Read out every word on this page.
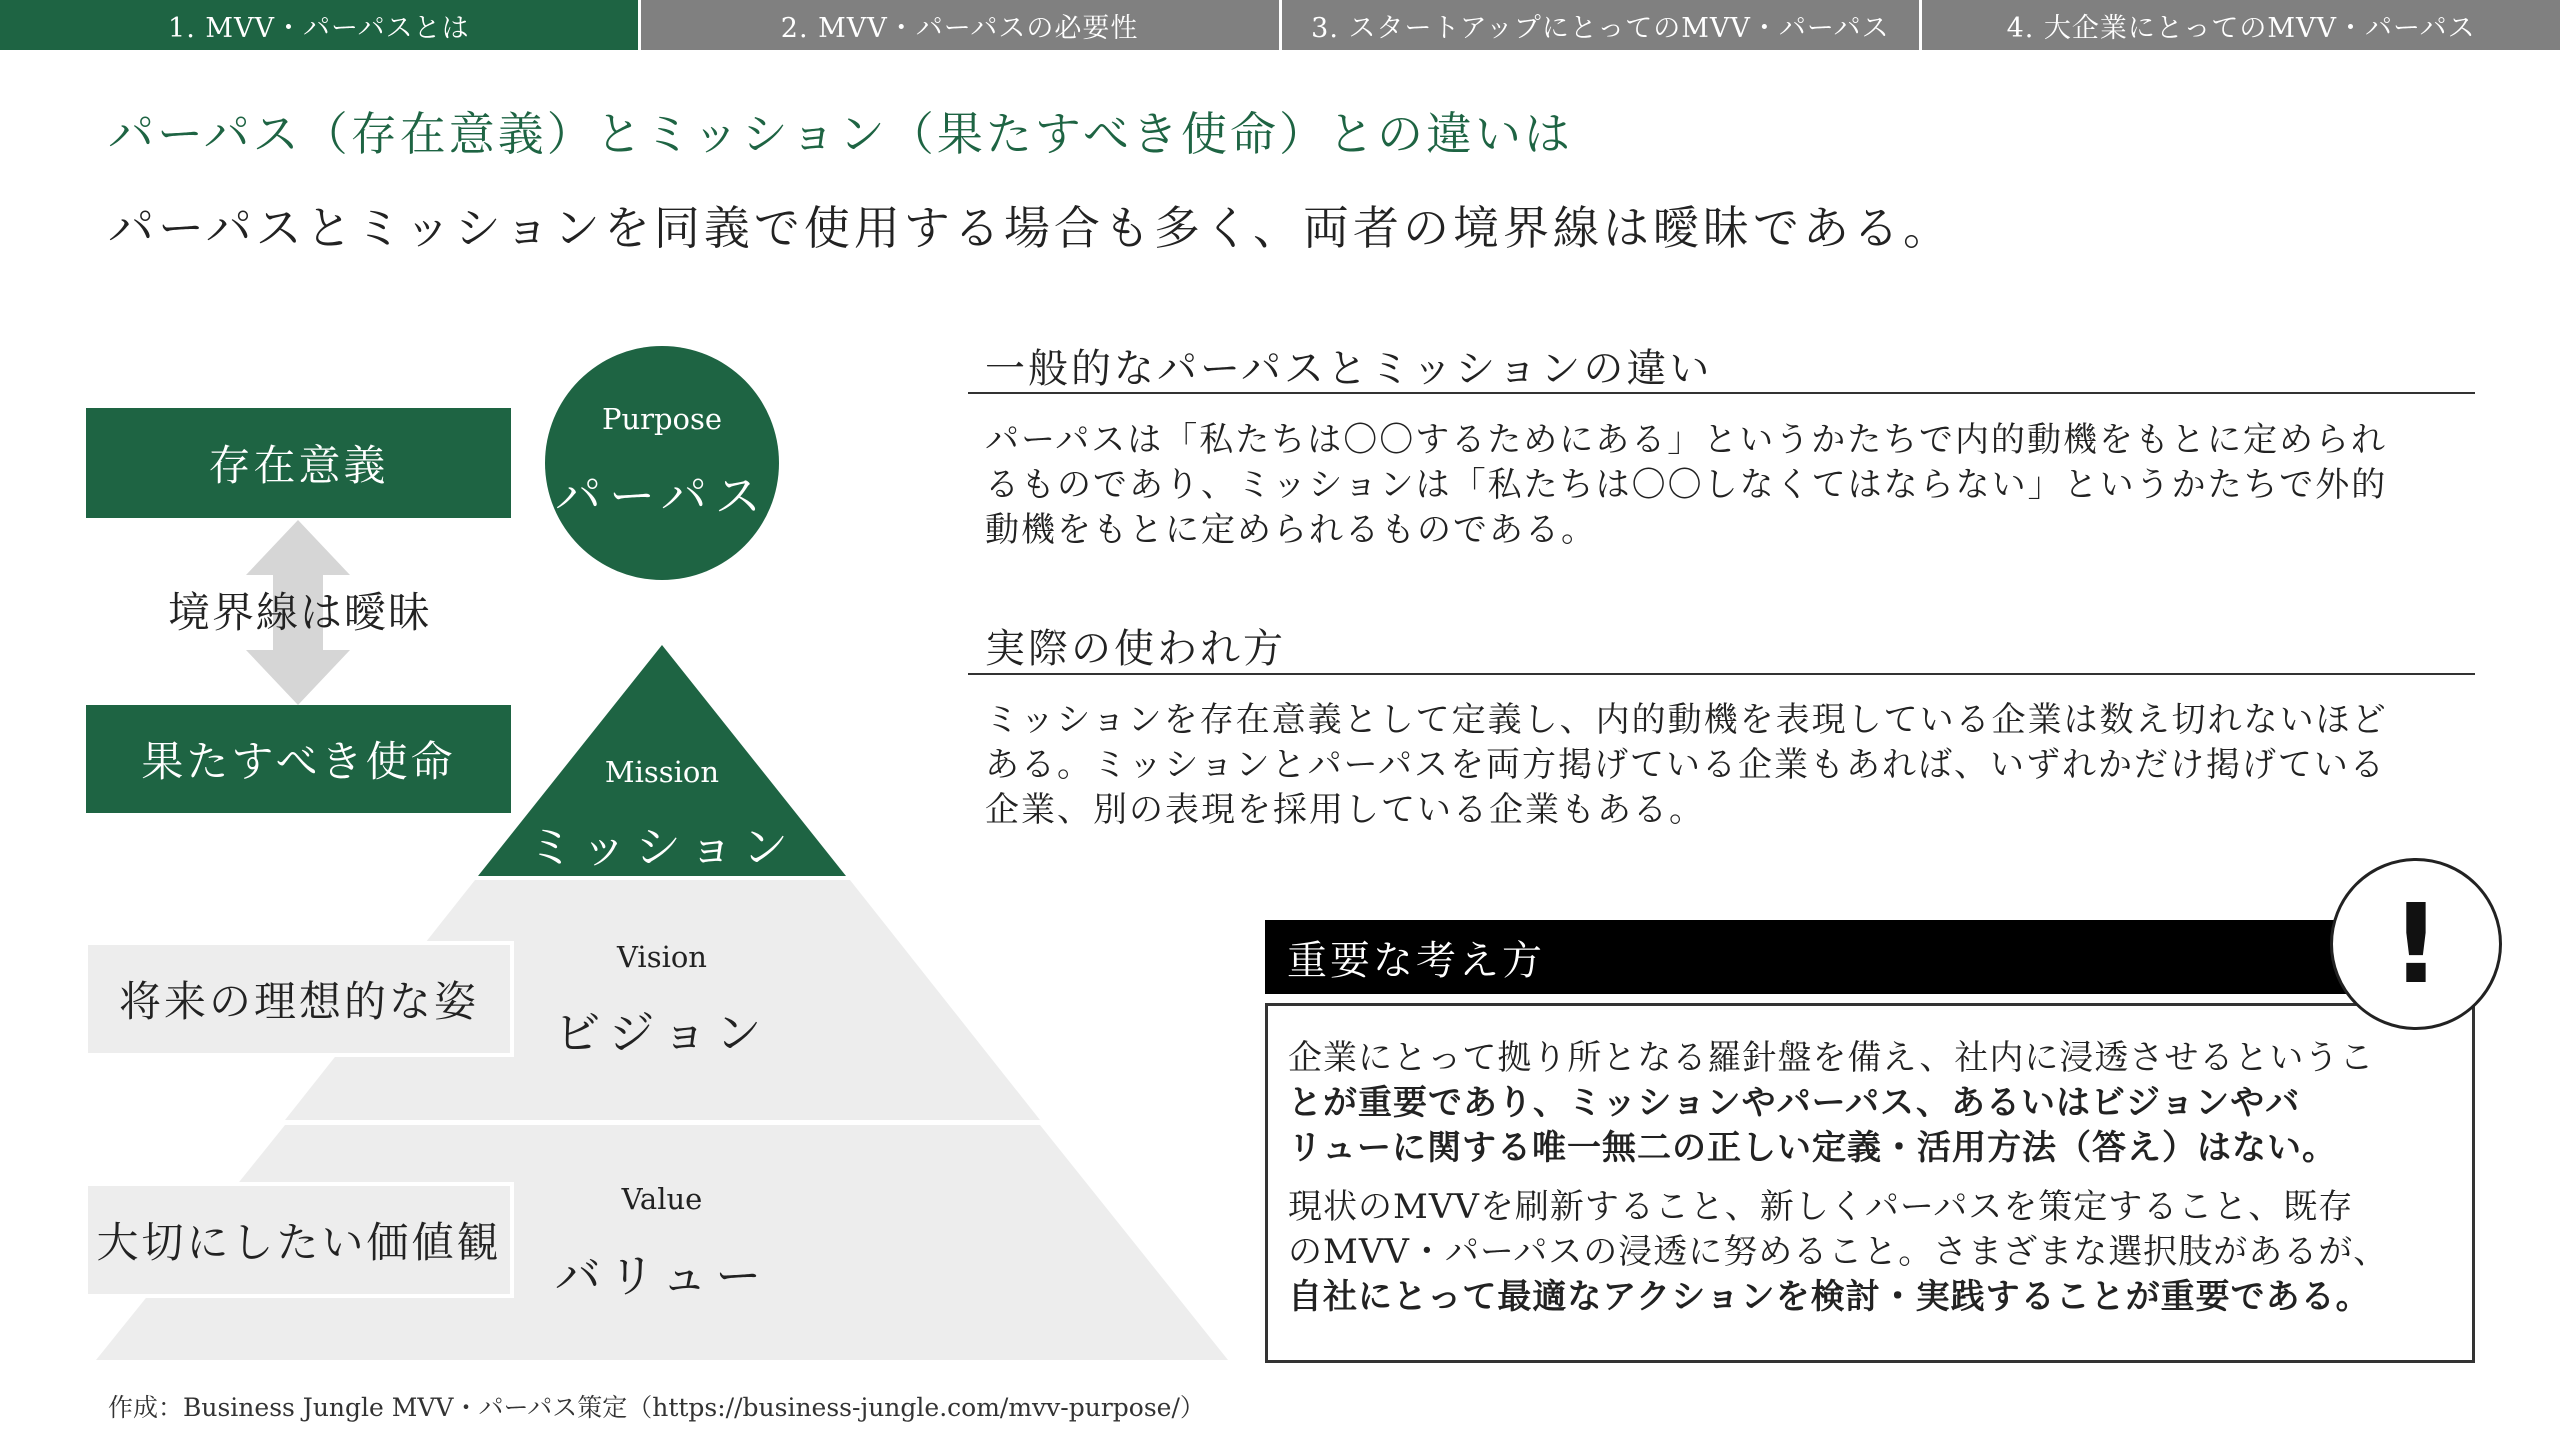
1. MVV・パーパスとは	2. MVV・パーパスの必要性	3. スタートアップにとってのMVV・パーパス	4. 大企業にとってのMVV・パーパス
パーパス（存在意義）とミッション（果たすべき使命）との違いは
パーパスとミッションを同義で使用する場合も多く、両者の境界線は曖昧である。
存在意義
境界線は曖昧
果たすべき使命
将来の理想的な姿
大切にしたい価値観
Purpose
パーパス
Mission
ミッション
Vision
ビジョン
Value
バリュー
一般的なパーパスとミッションの違い
パーパスは「私たちは〇〇するためにある」というかたちで内的動機をもとに定められ
るものであり、ミッションは「私たちは〇〇しなくてはならない」というかたちで外的
動機をもとに定められるものである。
実際の使われ方
ミッションを存在意義として定義し、内的動機を表現している企業は数え切れないほど
ある。ミッションとパーパスを両方掲げている企業もあれば、いずれかだけ掲げている
企業、別の表現を採用している企業もある。
重要な考え方

企業にとって拠り所となる羅針盤を備え、社内に浸透させるというこ
とが重要であり、ミッションやパーパス、あるいはビジョンやバ
リューに関する唯一無二の正しい定義・活用方法（答え）はない。

現状のMVVを刷新すること、新しくパーパスを策定すること、既存
のMVV・パーパスの浸透に努めること。さまざまな選択肢があるが、
自社にとって最適なアクションを検討・実践することが重要である。

!
作成：Business Jungle MVV・パーパス策定（https://business-jungle.com/mvv-purpose/）
